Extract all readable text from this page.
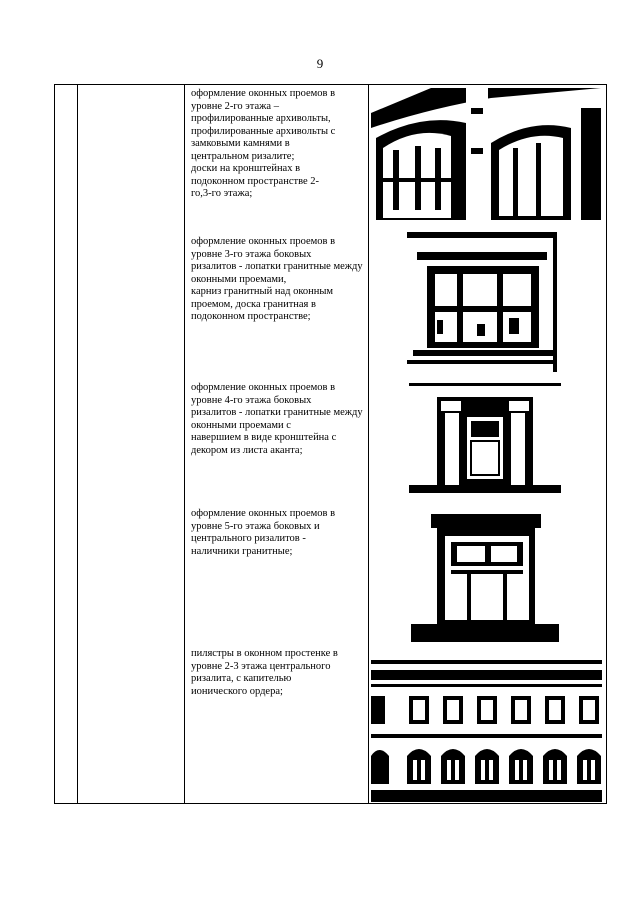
9
оформление оконных проемов в уровне 2-го этажа –
профилированные архивольты,
профилированные архивольты с замковыми камнями в
центральном ризалите;
доски на кронштейнах в
подоконном пространстве 2-
го,3-го этажа;
оформление оконных проемов в уровне 3-го этажа боковых
ризалитов - лопатки гранитные между оконными проемами,
карниз гранитный над оконным проемом, доска гранитная в
подоконном пространстве;
оформление оконных проемов в уровне 4-го этажа боковых
ризалитов - лопатки гранитные между оконными проемами с
навершием в виде кронштейна с декором из листа аканта;
оформление оконных проемов в уровне 5-го этажа боковых и
центрального ризалитов -
наличники гранитные;
пилястры в оконном простенке в уровне 2-3 этажа центрального
ризалита, с капителью
ионического ордера;
